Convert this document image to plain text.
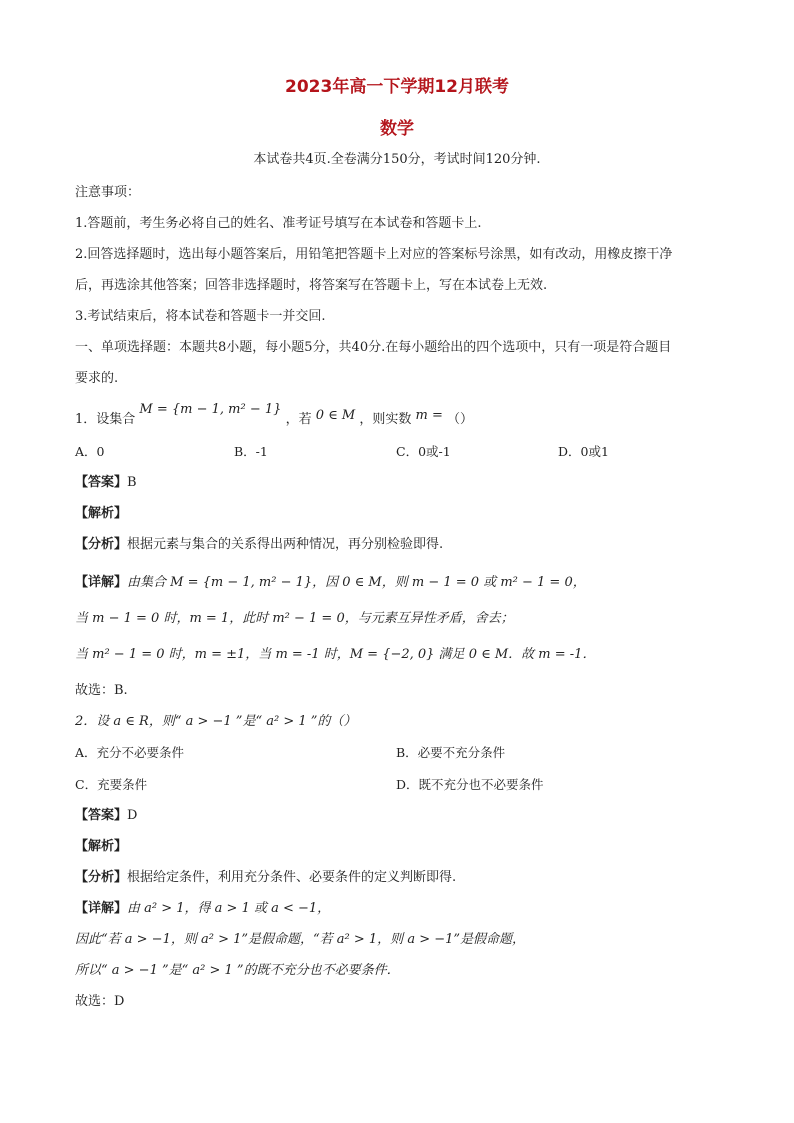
2023年高一下学期12月联考
数学
本试卷共4页.全卷满分150分，考试时间120分钟.
注意事项：
1.答题前，考生务必将自己的姓名、准考证号填写在本试卷和答题卡上.
2.回答选择题时，选出每小题答案后，用铅笔把答题卡上对应的答案标号涂黑，如有改动，用橡皮擦干净
后，再选涂其他答案；回答非选择题时，将答案写在答题卡上，写在本试卷上无效.
3.考试结束后，将本试卷和答题卡一并交回.
一、单项选择题：本题共8小题，每小题5分，共40分.在每小题给出的四个选项中，只有一项是符合题目
要求的.
1．设集合 M = {m − 1, m² − 1} ，若 0 ∈ M ，则实数 m = （）
A．0	B．-1	C．0或-1	D．0或1
【答案】B
【解析】
【分析】根据元素与集合的关系得出两种情况，再分别检验即得.
【详解】由集合 M = {m − 1, m² − 1}，因 0 ∈ M，则 m − 1 = 0 或 m² − 1 = 0，
当 m − 1 = 0 时，m = 1，此时 m² − 1 = 0，与元素互异性矛盾，舍去；
当 m² − 1 = 0 时，m = ±1，当 m = -1 时，M = {−2, 0} 满足 0 ∈ M．故 m = -1．
故选：B.
2．设 a ∈ R，则“ a > −1 ”是“ a² > 1 ”的（）
A．充分不必要条件	B．必要不充分条件
C．充要条件	D．既不充分也不必要条件
【答案】D
【解析】
【分析】根据给定条件，利用充分条件、必要条件的定义判断即得.
【详解】由 a² > 1，得 a > 1 或 a < −1，
因此“若 a > −1，则 a² > 1”是假命题，“若 a² > 1，则 a > −1”是假命题，
所以“ a > −1 ”是“ a² > 1 ”的既不充分也不必要条件．
故选：D
